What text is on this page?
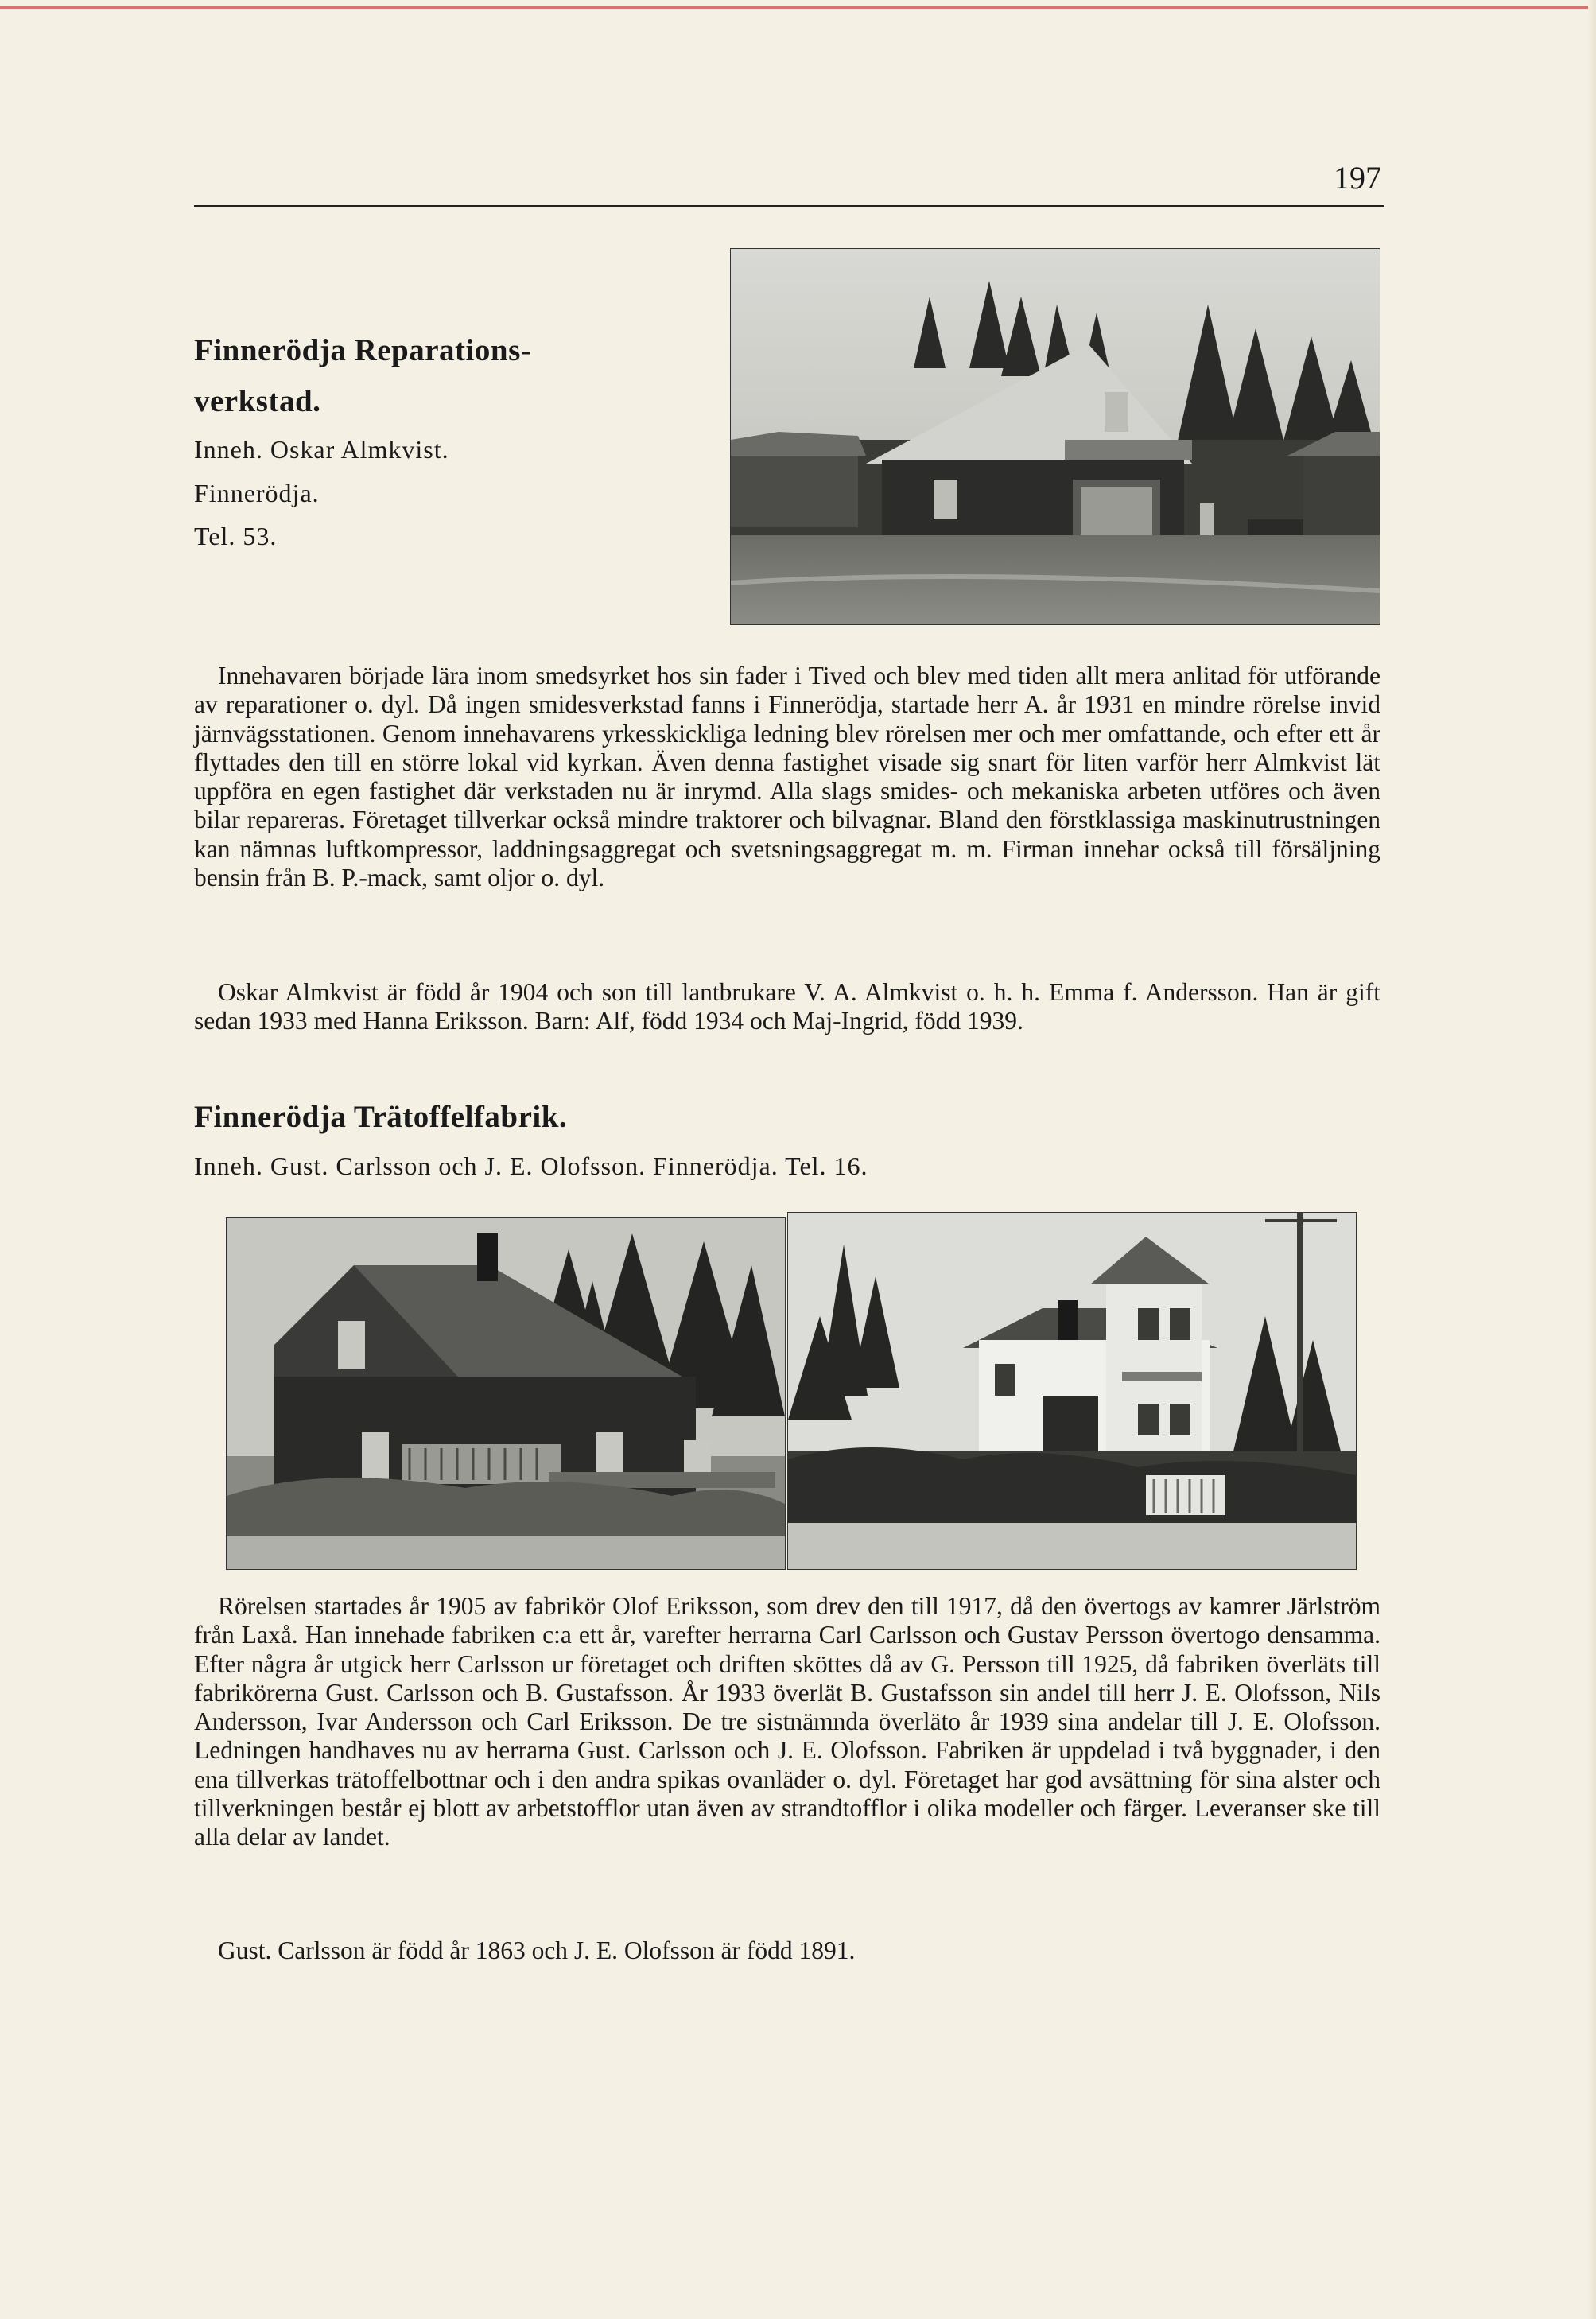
197
Finnerödja Reparations-
verkstad.
Inneh. Oskar Almkvist.
Finnerödja.
Tel. 53.

Innehavaren började lära inom smedsyrket hos sin fader i Tived och blev med tiden allt mera anlitad för utförande av reparationer o. dyl. Då ingen smidesverkstad fanns i Finnerödja, startade herr A. år 1931 en mindre rörelse invid järnvägsstationen. Genom innehavarens yrkesskickliga ledning blev rörelsen mer och mer omfattande, och efter ett år flyttades den till en större lokal vid kyrkan. Även denna fastighet visade sig snart för liten varför herr Almkvist lät uppföra en egen fastighet där verkstaden nu är inrymd. Alla slags smides- och mekaniska arbeten utföres och även bilar repareras. Företaget tillverkar också mindre traktorer och bilvagnar. Bland den förstklassiga maskinutrustningen kan nämnas luftkompressor, laddningsaggregat och svetsningsaggregat m. m. Firman innehar också till försäljning bensin från B. P.-mack, samt oljor o. dyl.

Oskar Almkvist är född år 1904 och son till lantbrukare V. A. Almkvist o. h. h. Emma f. Andersson. Han är gift sedan 1933 med Hanna Eriksson. Barn: Alf, född 1934 och Maj-Ingrid, född 1939.

Finnerödja Trätoffelfabrik.
Inneh. Gust. Carlsson och J. E. Olofsson. Finnerödja. Tel. 16.

Rörelsen startades år 1905 av fabrikör Olof Eriksson, som drev den till 1917, då den övertogs av kamrer Järlström från Laxå. Han innehade fabriken c:a ett år, varefter herrarna Carl Carlsson och Gustav Persson övertogo densamma. Efter några år utgick herr Carlsson ur företaget och driften sköttes då av G. Persson till 1925, då fabriken överläts till fabrikörerna Gust. Carlsson och B. Gustafsson. År 1933 överlät B. Gustafsson sin andel till herr J. E. Olofsson, Nils Andersson, Ivar Andersson och Carl Eriksson. De tre sistnämnda överläto år 1939 sina andelar till J. E. Olofsson. Ledningen handhaves nu av herrarna Gust. Carlsson och J. E. Olofsson. Fabriken är uppdelad i två byggnader, i den ena tillverkas trätoffelbottnar och i den andra spikas ovanläder o. dyl. Företaget har god avsättning för sina alster och tillverkningen består ej blott av arbetstofflor utan även av strandtofflor i olika modeller och färger. Leveranser ske till alla delar av landet.

Gust. Carlsson är född år 1863 och J. E. Olofsson är född 1891.
